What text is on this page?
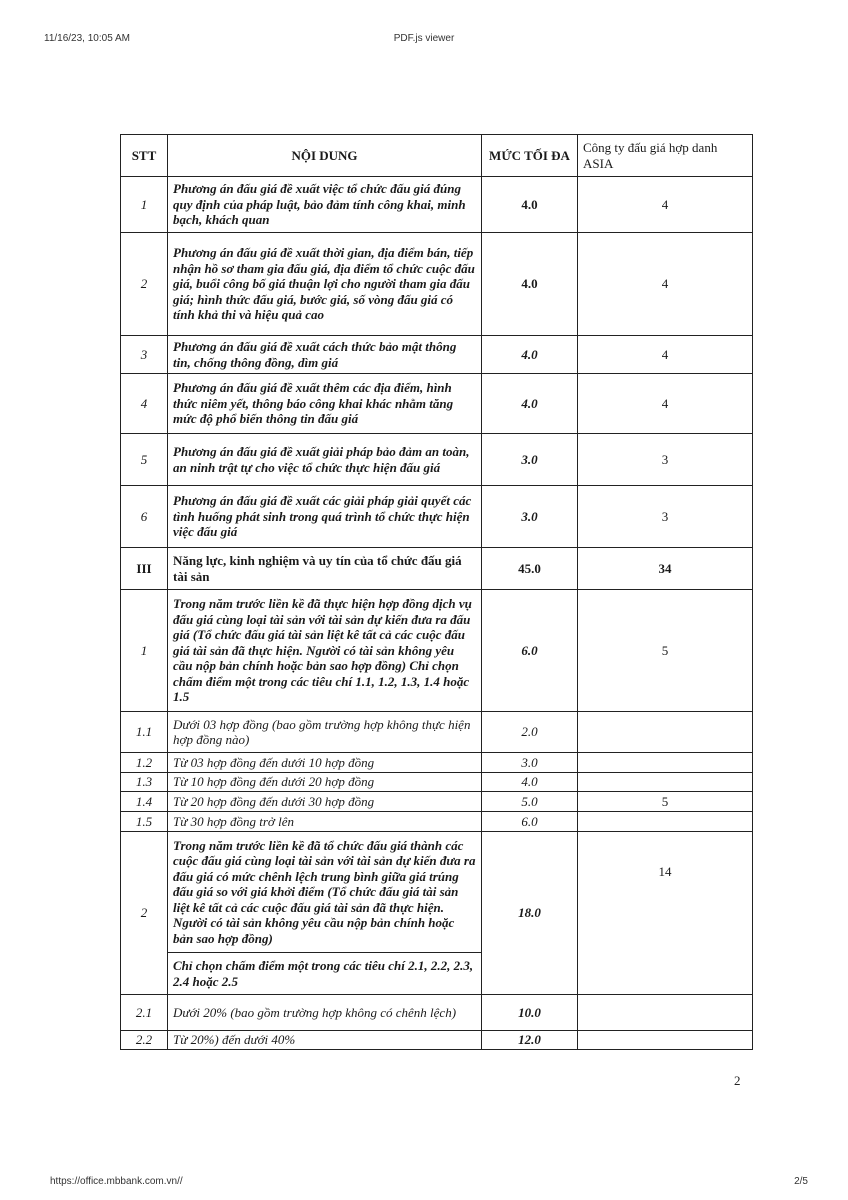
11/16/23, 10:05 AM	PDF.js viewer
STT	NỘI DUNG	MỨC TỐI ĐA	Công ty đấu giá hợp danh ASIA
1	Phương án đấu giá đề xuất việc tổ chức đấu giá đúng quy định của pháp luật, bảo đảm tính công khai, minh bạch, khách quan	4.0	4
2	Phương án đấu giá đề xuất thời gian, địa điểm bán, tiếp nhận hồ sơ tham gia đấu giá, địa điểm tổ chức cuộc đấu giá, buổi công bố giá thuận lợi cho người tham gia đấu giá; hình thức đấu giá, bước giá, số vòng đấu giá có tính khả thi và hiệu quả cao	4.0	4
3	Phương án đấu giá đề xuất cách thức bảo mật thông tin, chống thông đồng, dìm giá	4.0	4
4	Phương án đấu giá đề xuất thêm các địa điểm, hình thức niêm yết, thông báo công khai khác nhằm tăng mức độ phổ biến thông tin đấu giá	4.0	4
5	Phương án đấu giá đề xuất giải pháp bảo đảm an toàn, an ninh trật tự cho việc tổ chức thực hiện đấu giá	3.0	3
6	Phương án đấu giá đề xuất các giải pháp giải quyết các tình huống phát sinh trong quá trình tổ chức thực hiện việc đấu giá	3.0	3
III	Năng lực, kinh nghiệm và uy tín của tổ chức đấu giá tài sản	45.0	34
1	Trong năm trước liền kề đã thực hiện hợp đồng dịch vụ đấu giá cùng loại tài sản với tài sản dự kiến đưa ra đấu giá (Tổ chức đấu giá tài sản liệt kê tất cả các cuộc đấu giá tài sản đã thực hiện. Người có tài sản không yêu cầu nộp bản chính hoặc bản sao hợp đồng) Chỉ chọn chấm điểm một trong các tiêu chí 1.1, 1.2, 1.3, 1.4 hoặc 1.5	6.0	5
1.1	Dưới 03 hợp đồng (bao gồm trường hợp không thực hiện hợp đồng nào)	2.0	
1.2	Từ 03 hợp đồng đến dưới 10 hợp đồng	3.0	
1.3	Từ 10 hợp đồng đến dưới 20 hợp đồng	4.0	
1.4	Từ 20 hợp đồng đến dưới 30 hợp đồng	5.0	5
1.5	Từ 30 hợp đồng trở lên	6.0	
2	Trong năm trước liền kề đã tổ chức đấu giá thành các cuộc đấu giá cùng loại tài sản với tài sản dự kiến đưa ra đấu giá có mức chênh lệch trung bình giữa giá trúng đấu giá so với giá khởi điểm (Tổ chức đấu giá tài sản liệt kê tất cả các cuộc đấu giá tài sản đã thực hiện. Người có tài sản không yêu cầu nộp bản chính hoặc bản sao hợp đồng)	18.0	14
	Chỉ chọn chấm điểm một trong các tiêu chí 2.1, 2.2, 2.3, 2.4 hoặc 2.5		
2.1	Dưới 20% (bao gồm trường hợp không có chênh lệch)	10.0	
2.2	Từ 20%) đến dưới 40%	12.0	
2
https://office.mbbank.com.vn//	2/5
